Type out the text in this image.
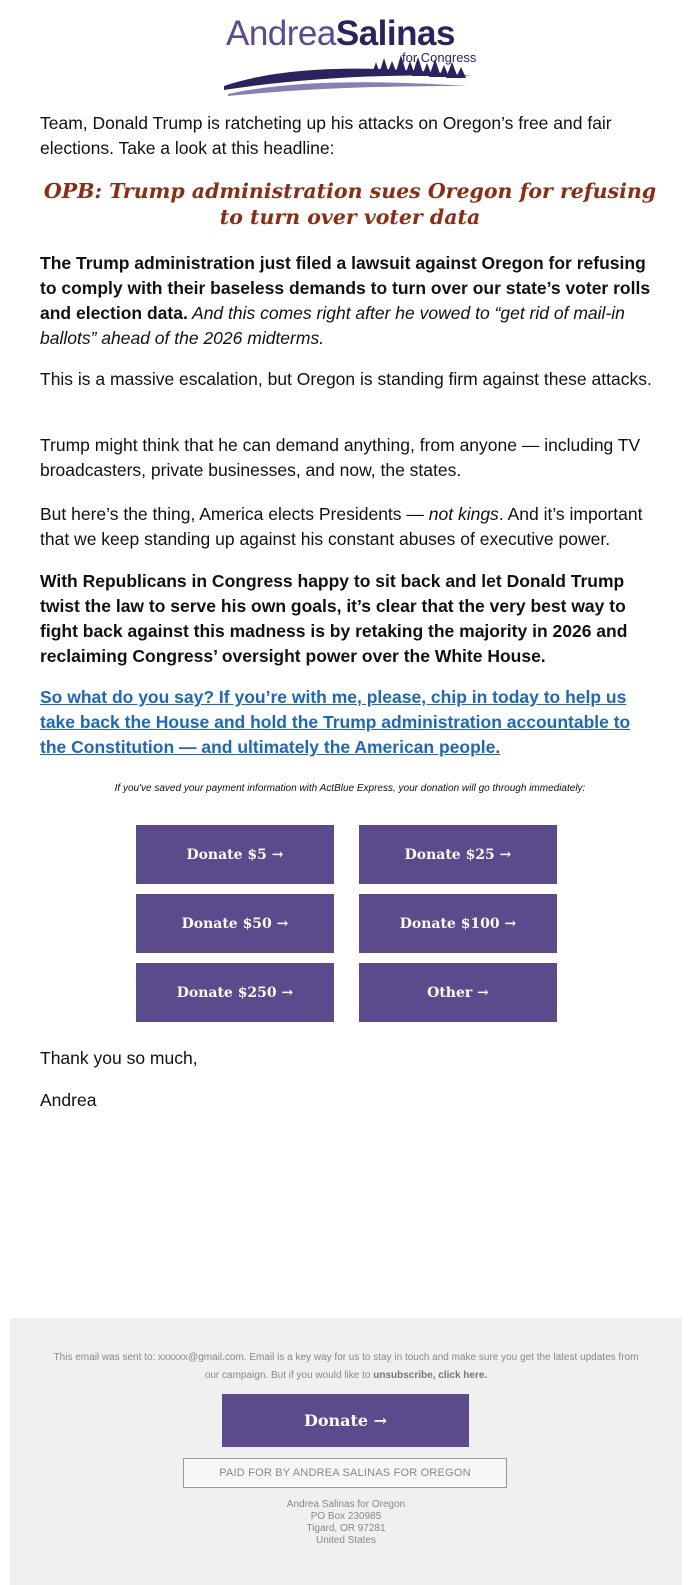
AndreaSalinas
for Congress

Team, Donald Trump is ratcheting up his attacks on Oregon’s free and fair elections. Take a look at this headline:

OPB: Trump administration sues Oregon for refusing to turn over voter data

The Trump administration just filed a lawsuit against Oregon for refusing to comply with their baseless demands to turn over our state’s voter rolls and election data. And this comes right after he vowed to “get rid of mail-in ballots” ahead of the 2026 midterms.

This is a massive escalation, but Oregon is standing firm against these attacks.

Trump might think that he can demand anything, from anyone — including TV broadcasters, private businesses, and now, the states.

But here’s the thing, America elects Presidents — not kings. And it’s important that we keep standing up against his constant abuses of executive power.

With Republicans in Congress happy to sit back and let Donald Trump twist the law to serve his own goals, it’s clear that the very best way to fight back against this madness is by retaking the majority in 2026 and reclaiming Congress’ oversight power over the White House.

So what do you say? If you’re with me, please, chip in today to help us take back the House and hold the Trump administration accountable to the Constitution — and ultimately the American people.

If you've saved your payment information with ActBlue Express, your donation will go through immediately:
Donate $5 →	Donate $25 →
Donate $50 →	Donate $100 →
Donate $250 →	Other →

Thank you so much,

Andrea

This email was sent to: xxxxxx@gmail.com. Email is a key way for us to stay in touch and make sure you get the latest updates from our campaign. But if you would like to unsubscribe, click here.
Donate →
PAID FOR BY ANDREA SALINAS FOR OREGON
Andrea Salinas for Oregon
PO Box 230985
Tigard, OR 97281
United States
